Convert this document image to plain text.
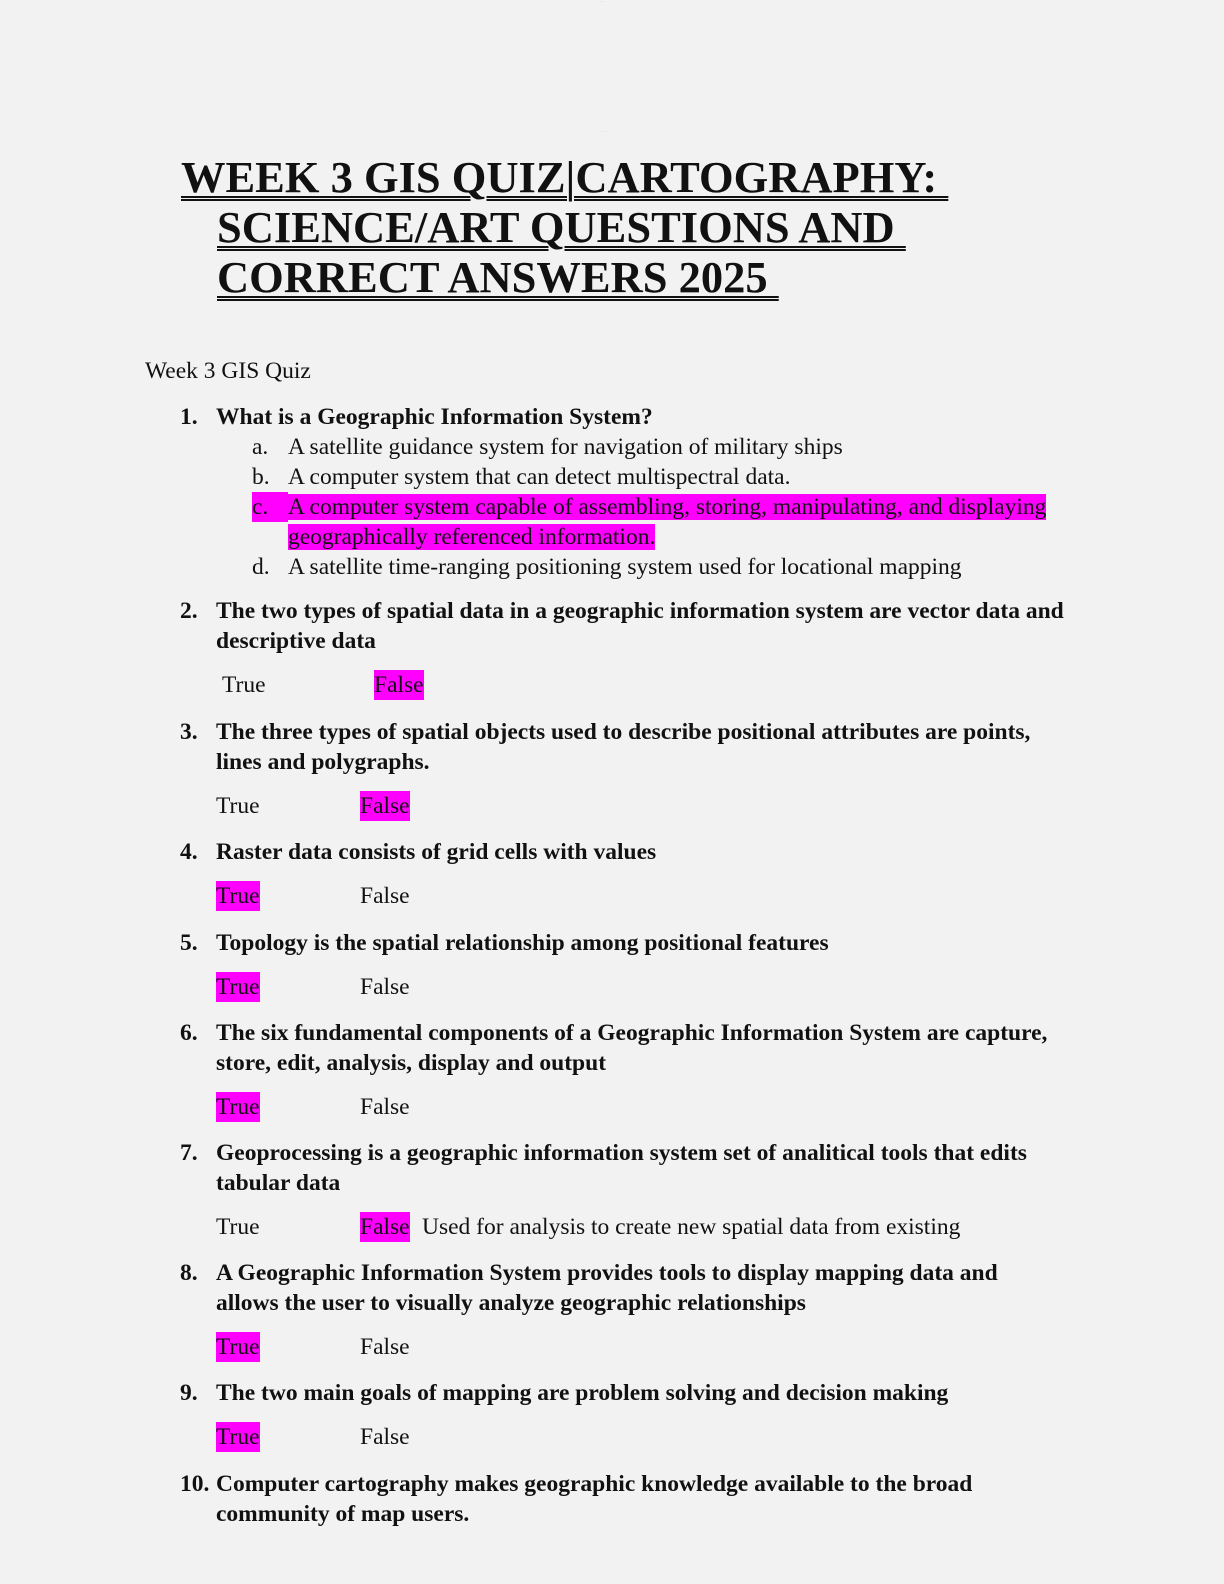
· · ·
· · · ·
WEEK 3 GIS QUIZ|CARTOGRAPHY:
SCIENCE/ART QUESTIONS AND
CORRECT ANSWERS 2025
Week 3 GIS Quiz
1. What is a Geographic Information System?
a. A satellite guidance system for navigation of military ships
b. A computer system that can detect multispectral data.
c. A computer system capable of assembling, storing, manipulating, and displaying geographically referenced information.
d. A satellite time-ranging positioning system used for locational mapping
2. The two types of spatial data in a geographic information system are vector data and descriptive data
True	False
3. The three types of spatial objects used to describe positional attributes are points, lines and polygraphs.
True	False
4. Raster data consists of grid cells with values
True	False
5. Topology is the spatial relationship among positional features
True	False
6. The six fundamental components of a Geographic Information System are capture, store, edit, analysis, display and output
True	False
7. Geoprocessing is a geographic information system set of analitical tools that edits tabular data
True	False Used for analysis to create new spatial data from existing
8. A Geographic Information System provides tools to display mapping data and allows the user to visually analyze geographic relationships
True	False
9. The two main goals of mapping are problem solving and decision making
True	False
10. Computer cartography makes geographic knowledge available to the broad community of map users.
